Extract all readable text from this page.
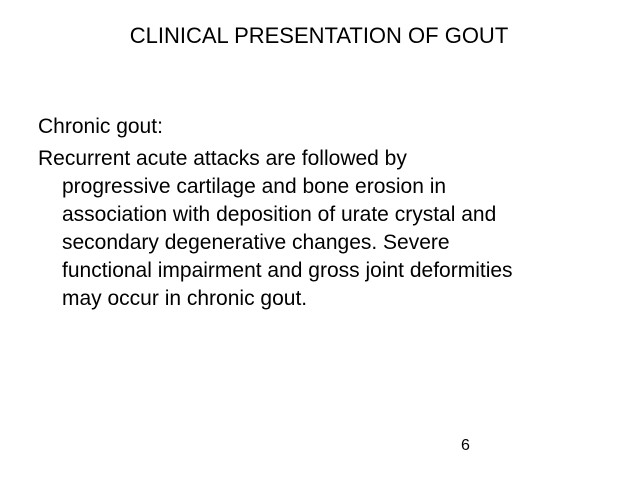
CLINICAL PRESENTATION OF GOUT

Chronic gout:

Recurrent acute attacks are followed by
progressive cartilage and bone erosion in
association with deposition of urate crystal and
secondary degenerative changes. Severe
functional impairment and gross joint deformities
may occur in chronic gout.

6
